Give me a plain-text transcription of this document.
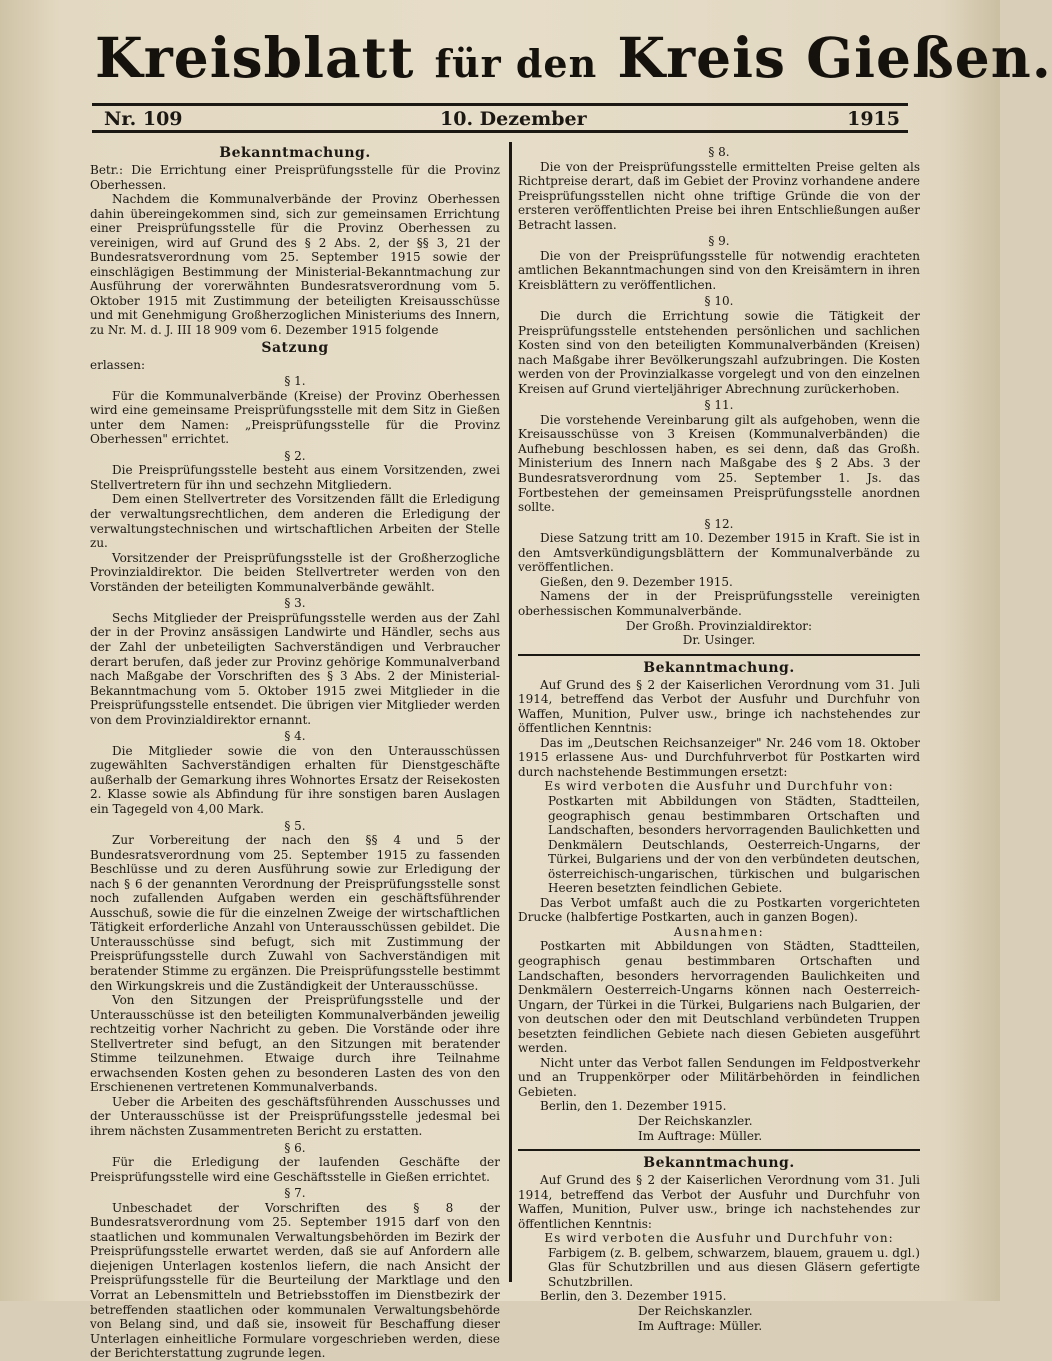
Kreisblatt für den Kreis Gießen.
Nr. 109	10. Dezember	1915
Bekanntmachung.

Betr.: Die Errichtung einer Preisprüfungsstelle für die Provinz Oberhessen.

Nachdem die Kommunalverbände der Provinz Oberhessen dahin übereingekommen sind, sich zur gemeinsamen Errichtung einer Preisprüfungsstelle für die Provinz Oberhessen zu vereinigen, wird auf Grund des § 2 Abs. 2, der §§ 3, 21 der Bundesratsverordnung vom 25. September 1915 sowie der einschlägigen Bestimmung der Ministerial-Bekanntmachung zur Ausführung der vorerwähnten Bundesratsverordnung vom 5. Oktober 1915 mit Zustimmung der beteiligten Kreisausschüsse und mit Genehmigung Großherzoglichen Ministeriums des Innern, zu Nr. M. d. J. III 18 909 vom 6. Dezember 1915 folgende

Satzung

erlassen:

§ 1.

Für die Kommunalverbände (Kreise) der Provinz Oberhessen wird eine gemeinsame Preisprüfungsstelle mit dem Sitz in Gießen unter dem Namen: „Preisprüfungsstelle für die Provinz Oberhessen" errichtet.

§ 2.

Die Preisprüfungsstelle besteht aus einem Vorsitzenden, zwei Stellvertretern für ihn und sechzehn Mitgliedern.

Dem einen Stellvertreter des Vorsitzenden fällt die Erledigung der verwaltungsrechtlichen, dem anderen die Erledigung der verwaltungstechnischen und wirtschaftlichen Arbeiten der Stelle zu.

Vorsitzender der Preisprüfungsstelle ist der Großherzogliche Provinzialdirektor. Die beiden Stellvertreter werden von den Vorständen der beteiligten Kommunalverbände gewählt.

§ 3.

Sechs Mitglieder der Preisprüfungsstelle werden aus der Zahl der in der Provinz ansässigen Landwirte und Händler, sechs aus der Zahl der unbeteiligten Sachverständigen und Verbraucher derart berufen, daß jeder zur Provinz gehörige Kommunalverband nach Maßgabe der Vorschriften des § 3 Abs. 2 der Ministerial-Bekanntmachung vom 5. Oktober 1915 zwei Mitglieder in die Preisprüfungsstelle entsendet. Die übrigen vier Mitglieder werden von dem Provinzialdirektor ernannt.

§ 4.

Die Mitglieder sowie die von den Unterausschüssen zugewählten Sachverständigen erhalten für Dienstgeschäfte außerhalb der Gemarkung ihres Wohnortes Ersatz der Reisekosten 2. Klasse sowie als Abfindung für ihre sonstigen baren Auslagen ein Tagegeld von 4,00 Mark.

§ 5.

Zur Vorbereitung der nach den §§ 4 und 5 der Bundesratsverordnung vom 25. September 1915 zu fassenden Beschlüsse und zu deren Ausführung sowie zur Erledigung der nach § 6 der genannten Verordnung der Preisprüfungsstelle sonst noch zufallenden Aufgaben werden ein geschäftsführender Ausschuß, sowie die für die einzelnen Zweige der wirtschaftlichen Tätigkeit erforderliche Anzahl von Unterausschüssen gebildet. Die Unterausschüsse sind befugt, sich mit Zustimmung der Preisprüfungsstelle durch Zuwahl von Sachverständigen mit beratender Stimme zu ergänzen. Die Preisprüfungsstelle bestimmt den Wirkungskreis und die Zuständigkeit der Unterausschüsse.

Von den Sitzungen der Preisprüfungsstelle und der Unterausschüsse ist den beteiligten Kommunalverbänden jeweilig rechtzeitig vorher Nachricht zu geben. Die Vorstände oder ihre Stellvertreter sind befugt, an den Sitzungen mit beratender Stimme teilzunehmen. Etwaige durch ihre Teilnahme erwachsenden Kosten gehen zu besonderen Lasten des von den Erschienenen vertretenen Kommunalverbands.

Ueber die Arbeiten des geschäftsführenden Ausschusses und der Unterausschüsse ist der Preisprüfungsstelle jedesmal bei ihrem nächsten Zusammentreten Bericht zu erstatten.

§ 6.

Für die Erledigung der laufenden Geschäfte der Preisprüfungsstelle wird eine Geschäftsstelle in Gießen errichtet.

§ 7.

Unbeschadet der Vorschriften des § 8 der Bundesratsverordnung vom 25. September 1915 darf von den staatlichen und kommunalen Verwaltungsbehörden im Bezirk der Preisprüfungsstelle erwartet werden, daß sie auf Anfordern alle diejenigen Unterlagen kostenlos liefern, die nach Ansicht der Preisprüfungsstelle für die Beurteilung der Marktlage und den Vorrat an Lebensmitteln und Betriebsstoffen im Dienstbezirk der betreffenden staatlichen oder kommunalen Verwaltungsbehörde von Belang sind, und daß sie, insoweit für Beschaffung dieser Unterlagen einheitliche Formulare vorgeschrieben werden, diese der Berichterstattung zugrunde legen.

§ 8.

Die von der Preisprüfungsstelle ermittelten Preise gelten als Richtpreise derart, daß im Gebiet der Provinz vorhandene andere Preisprüfungsstellen nicht ohne triftige Gründe die von der ersteren veröffentlichten Preise bei ihren Entschließungen außer Betracht lassen.

§ 9.

Die von der Preisprüfungsstelle für notwendig erachteten amtlichen Bekanntmachungen sind von den Kreisämtern in ihren Kreisblättern zu veröffentlichen.

§ 10.

Die durch die Errichtung sowie die Tätigkeit der Preisprüfungsstelle entstehenden persönlichen und sachlichen Kosten sind von den beteiligten Kommunalverbänden (Kreisen) nach Maßgabe ihrer Bevölkerungszahl aufzubringen. Die Kosten werden von der Provinzialkasse vorgelegt und von den einzelnen Kreisen auf Grund vierteljähriger Abrechnung zurückerhoben.

§ 11.

Die vorstehende Vereinbarung gilt als aufgehoben, wenn die Kreisausschüsse von 3 Kreisen (Kommunalverbänden) die Aufhebung beschlossen haben, es sei denn, daß das Großh. Ministerium des Innern nach Maßgabe des § 2 Abs. 3 der Bundesratsverordnung vom 25. September 1. Js. das Fortbestehen der gemeinsamen Preisprüfungsstelle anordnen sollte.

§ 12.

Diese Satzung tritt am 10. Dezember 1915 in Kraft. Sie ist in den Amtsverkündigungsblättern der Kommunalverbände zu veröffentlichen.

Gießen, den 9. Dezember 1915.

Namens der in der Preisprüfungsstelle vereinigten oberhessischen Kommunalverbände.

Der Großh. Provinzialdirektor:

Dr. Usinger.

Bekanntmachung.

Auf Grund des § 2 der Kaiserlichen Verordnung vom 31. Juli 1914, betreffend das Verbot der Ausfuhr und Durchfuhr von Waffen, Munition, Pulver usw., bringe ich nachstehendes zur öffentlichen Kenntnis:

Das im „Deutschen Reichsanzeiger" Nr. 246 vom 18. Oktober 1915 erlassene Aus- und Durchfuhrverbot für Postkarten wird durch nachstehende Bestimmungen ersetzt:

Es wird verboten die Ausfuhr und Durchfuhr von:

Postkarten mit Abbildungen von Städten, Stadtteilen, geographisch genau bestimmbaren Ortschaften und Landschaften, besonders hervorragenden Baulichketten und Denkmälern Deutschlands, Oesterreich-Ungarns, der Türkei, Bulgariens und der von den verbündeten deutschen, österreichisch-ungarischen, türkischen und bulgarischen Heeren besetzten feindlichen Gebiete.

Das Verbot umfaßt auch die zu Postkarten vorgerichteten Drucke (halbfertige Postkarten, auch in ganzen Bogen).

Ausnahmen:

Postkarten mit Abbildungen von Städten, Stadtteilen, geographisch genau bestimmbaren Ortschaften und Landschaften, besonders hervorragenden Baulichkeiten und Denkmälern Oesterreich-Ungarns können nach Oesterreich-Ungarn, der Türkei in die Türkei, Bulgariens nach Bulgarien, der von deutschen oder den mit Deutschland verbündeten Truppen besetzten feindlichen Gebiete nach diesen Gebieten ausgeführt werden.

Nicht unter das Verbot fallen Sendungen im Feldpostverkehr und an Truppenkörper oder Militärbehörden in feindlichen Gebieten.

Berlin, den 1. Dezember 1915.

Der Reichskanzler.

Im Auftrage: Müller.

Bekanntmachung.

Auf Grund des § 2 der Kaiserlichen Verordnung vom 31. Juli 1914, betreffend das Verbot der Ausfuhr und Durchfuhr von Waffen, Munition, Pulver usw., bringe ich nachstehendes zur öffentlichen Kenntnis:

Es wird verboten die Ausfuhr und Durchfuhr von:

Farbigem (z. B. gelbem, schwarzem, blauem, grauem u. dgl.) Glas für Schutzbrillen und aus diesen Gläsern gefertigte Schutzbrillen.

Berlin, den 3. Dezember 1915.

Der Reichskanzler.

Im Auftrage: Müller.
